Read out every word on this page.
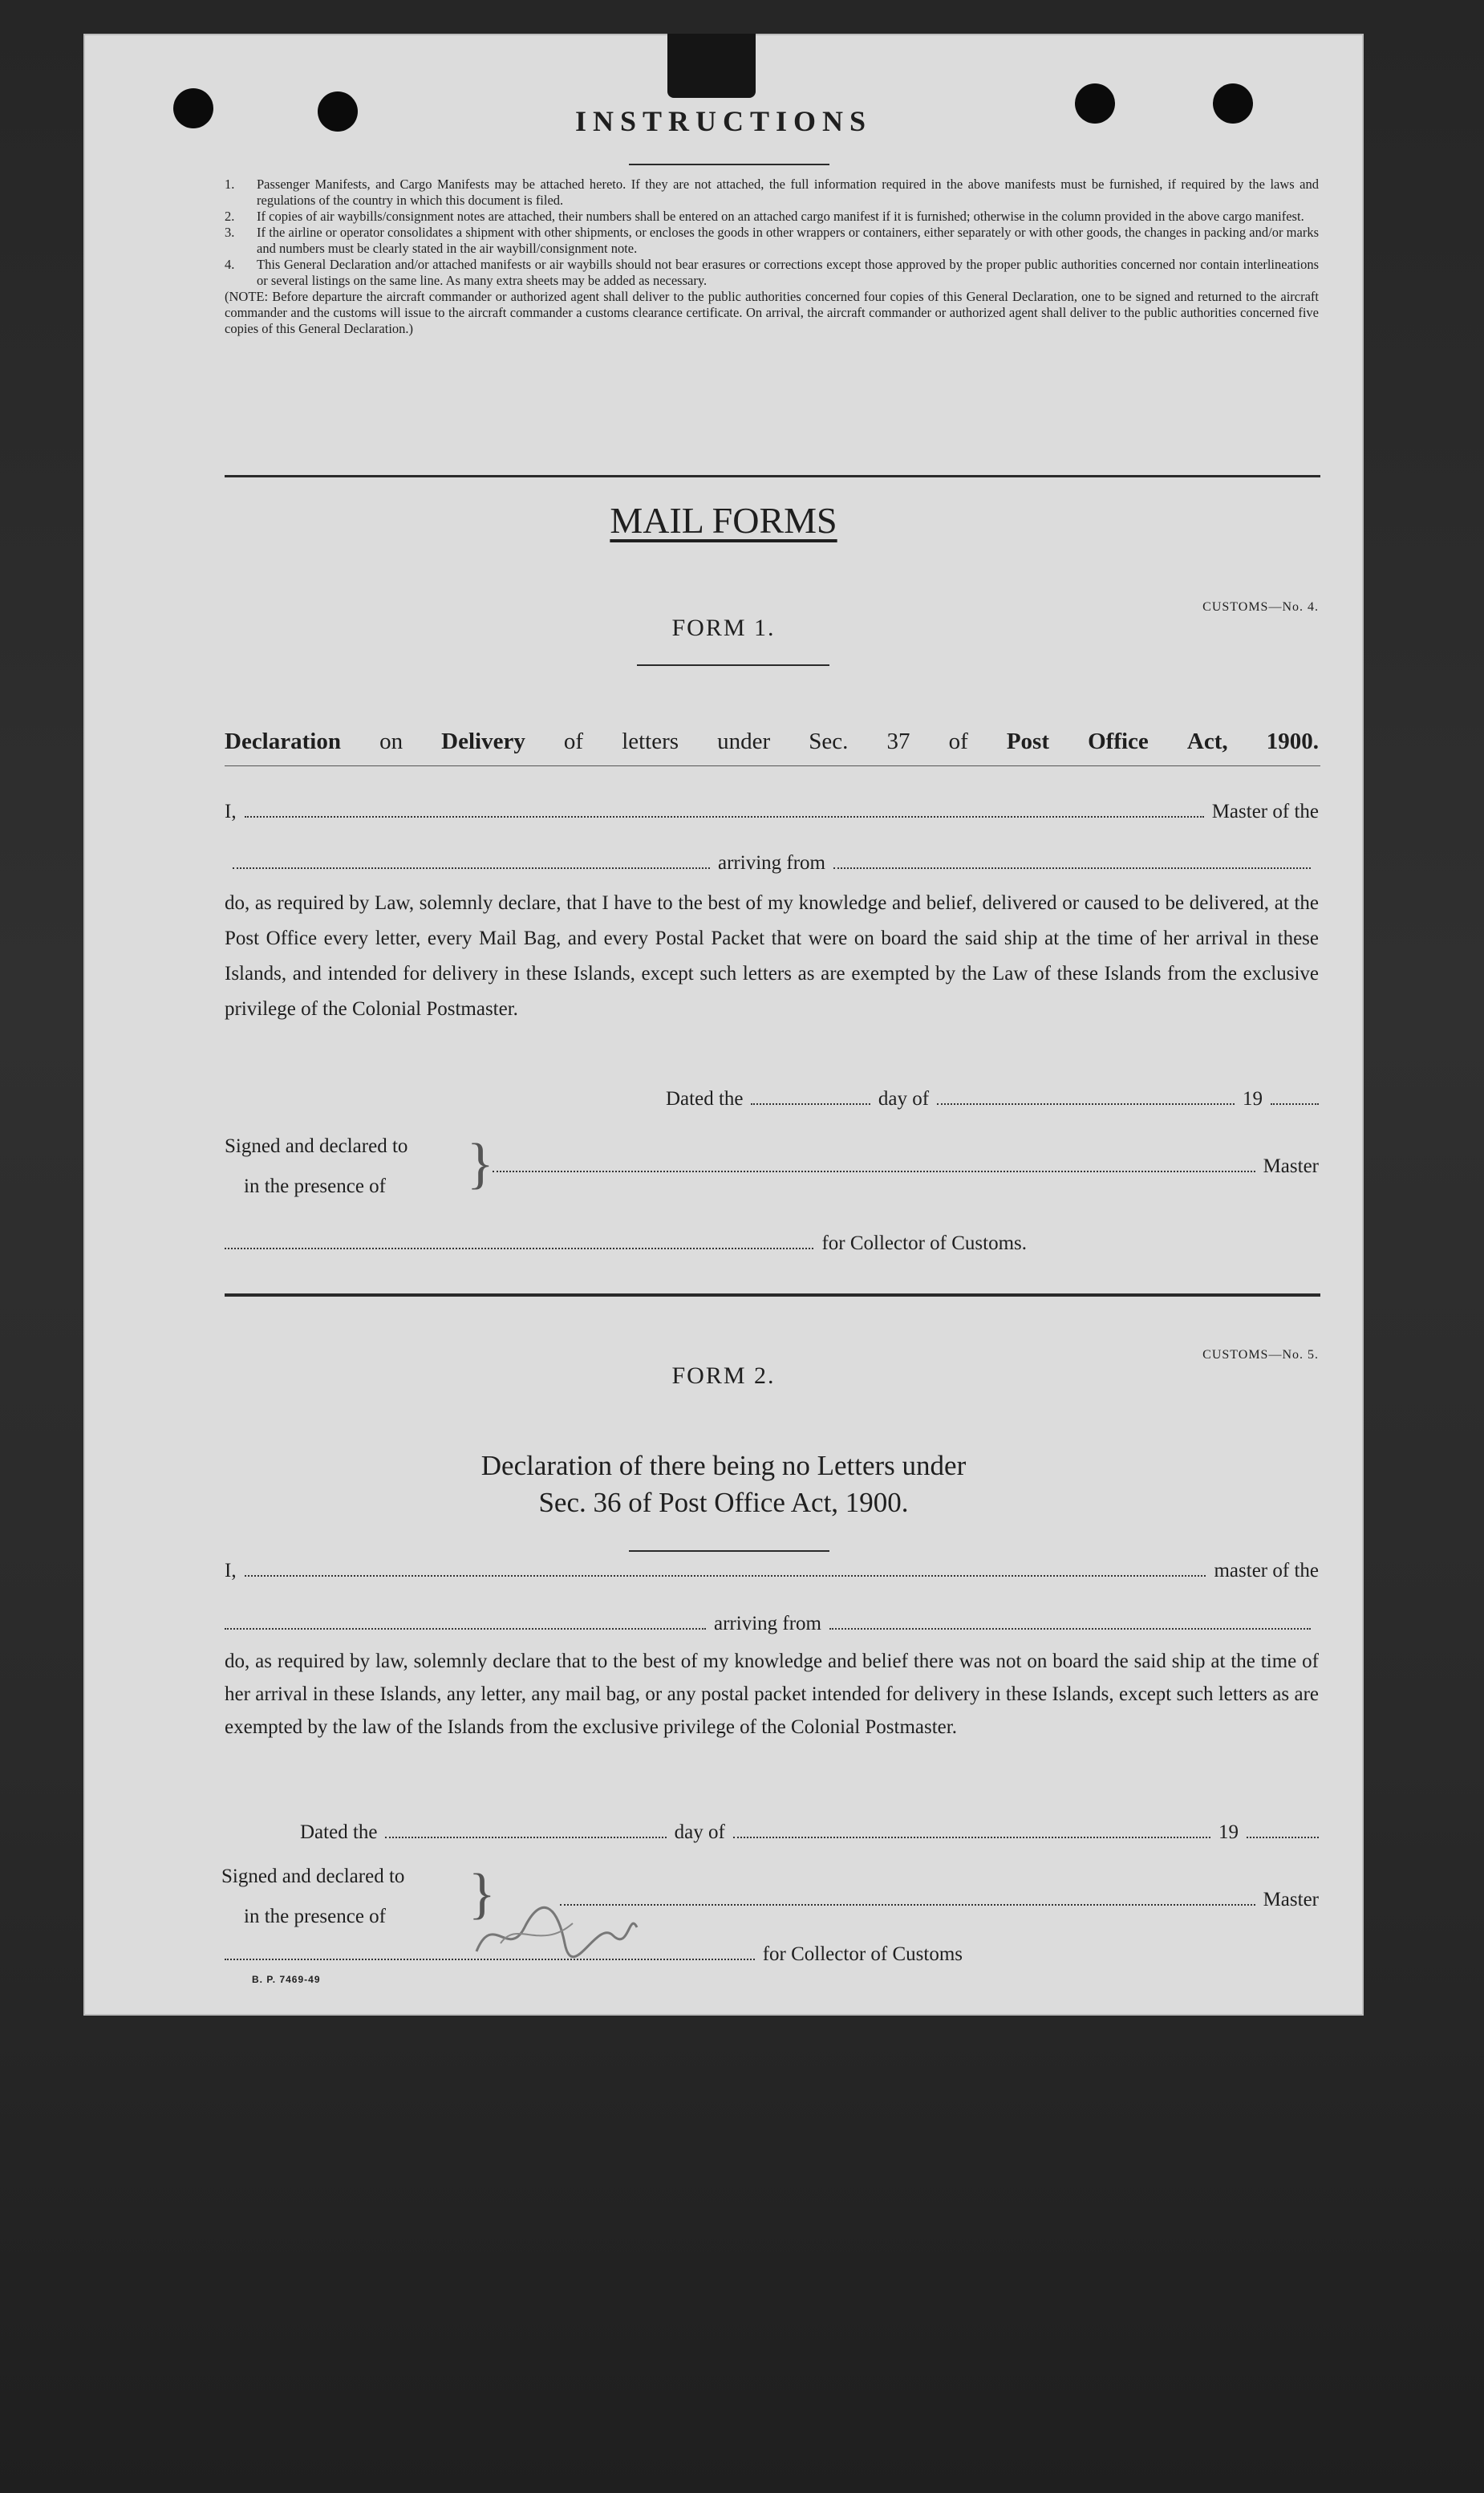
INSTRUCTIONS
1.	Passenger Manifests, and Cargo Manifests may be attached hereto. If they are not attached, the full information required in the above manifests must be furnished, if required by the laws and regulations of the country in which this document is filed.
2.	If copies of air waybills/consignment notes are attached, their numbers shall be entered on an attached cargo manifest if it is furnished; otherwise in the column provided in the above cargo manifest.
3.	If the airline or operator consolidates a shipment with other shipments, or encloses the goods in other wrappers or containers, either separately or with other goods, the changes in packing and/or marks and numbers must be clearly stated in the air waybill/consignment note.
4.	This General Declaration and/or attached manifests or air waybills should not bear erasures or corrections except those approved by the proper public authorities concerned nor contain interlineations or several listings on the same line. As many extra sheets may be added as necessary.
(NOTE: Before departure the aircraft commander or authorized agent shall deliver to the public authorities concerned four copies of this General Declaration, one to be signed and returned to the aircraft commander and the customs will issue to the aircraft commander a customs clearance certificate. On arrival, the aircraft commander or authorized agent shall deliver to the public authorities concerned five copies of this General Declaration.)
MAIL FORMS
CUSTOMS—No. 4.
FORM 1.
Declaration on Delivery of letters under Sec. 37 of Post Office Act, 1900.
I,	Master of the
arriving from
do, as required by Law, solemnly declare, that I have to the best of my knowledge and belief, delivered or caused to be delivered, at the Post Office every letter, every Mail Bag, and every Postal Packet that were on board the said ship at the time of her arrival in these Islands, and intended for delivery in these Islands, except such letters as are exempted by the Law of these Islands from the exclusive privilege of the Colonial Postmaster.
Dated the	day of	19
Signed and declared to
in the presence of	}	Master
for Collector of Customs.
CUSTOMS—No. 5.
FORM 2.
Declaration of there being no Letters under
Sec. 36 of Post Office Act, 1900.
I,	master of the
arriving from
do, as required by law, solemnly declare that to the best of my knowledge and belief there was not on board the said ship at the time of her arrival in these Islands, any letter, any mail bag, or any postal packet intended for delivery in these Islands, except such letters as are exempted by the law of the Islands from the exclusive privilege of the Colonial Postmaster.
Dated the	day of	19
Signed and declared to
in the presence of	}	Master
for Collector of Customs
B. P. 7469-49
